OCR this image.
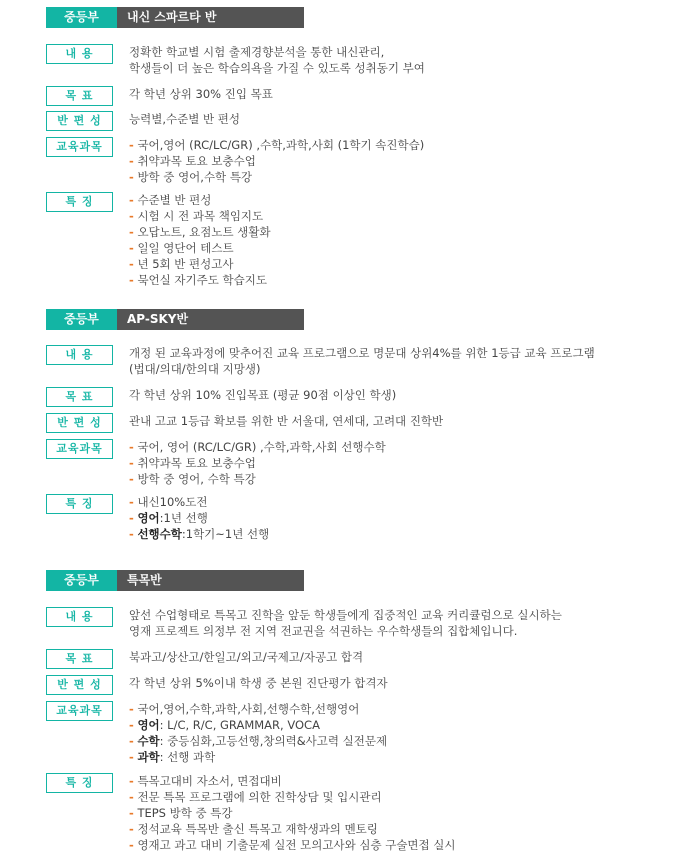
중등부	내신 스파르타 반
내 용	정확한 학교별 시험 출제경향분석을 통한 내신관리,
학생들이 더 높은 학습의욕을 가질 수 있도록 성취동기 부여
목 표	각 학년 상위 30% 진입 목표
반 편 성	능력별,수준별 반 편성
교육과목	- 국어,영어 (RC/LC/GR) ,수학,과학,사회 (1학기 속진학습)
- 취약과목 토요 보충수업
- 방학 중 영어,수학 특강
특 징	- 수준별 반 편성
- 시험 시 전 과목 책임지도
- 오답노트, 요점노트 생활화
- 일일 영단어 테스트
- 년 5회 반 편성고사
- 묵언실 자기주도 학습지도
중등부	AP-SKY반
내 용	개정 된 교육과정에 맞추어진 교육 프로그램으로 명문대 상위4%를 위한 1등급 교육 프로그램
(법대/의대/한의대 지망생)
목 표	각 학년 상위 10% 진입목표 (평균 90점 이상인 학생)
반 편 성	관내 고교 1등급 확보를 위한 반 서울대, 연세대, 고려대 진학반
교육과목	- 국어, 영어 (RC/LC/GR) ,수학,과학,사회 선행수학
- 취약과목 토요 보충수업
- 방학 중 영어, 수학 특강
특 징	- 내신10%도전
- 영어:1년 선행
- 선행수학:1학기~1년 선행
중등부	특목반
내 용	앞선 수업형태로 특목고 진학을 앞둔 학생들에게 집중적인 교육 커리큘럼으로 실시하는
영재 프로젝트 의정부 전 지역 전교권을 석권하는 우수학생들의 집합체입니다.
목 표	북과고/상산고/한일고/외고/국제고/자공고 합격
반 편 성	각 학년 상위 5%이내 학생 중 본원 진단평가 합격자
교육과목	- 국어,영어,수학,과학,사회,선행수학,선행영어
- 영어: L/C, R/C, GRAMMAR, VOCA
- 수학: 중등심화,고등선행,창의력&사고력 실전문제
- 과학: 선행 과학
특 징	- 특목고대비 자소서, 면접대비
- 전문 특목 프로그램에 의한 진학상담 및 입시관리
- TEPS 방학 중 특강
- 정석교육 특목반 출신 특목고 재학생과의 멘토링
- 영재고 과고 대비 기출문제 실전 모의고사와 심층 구술면접 실시
